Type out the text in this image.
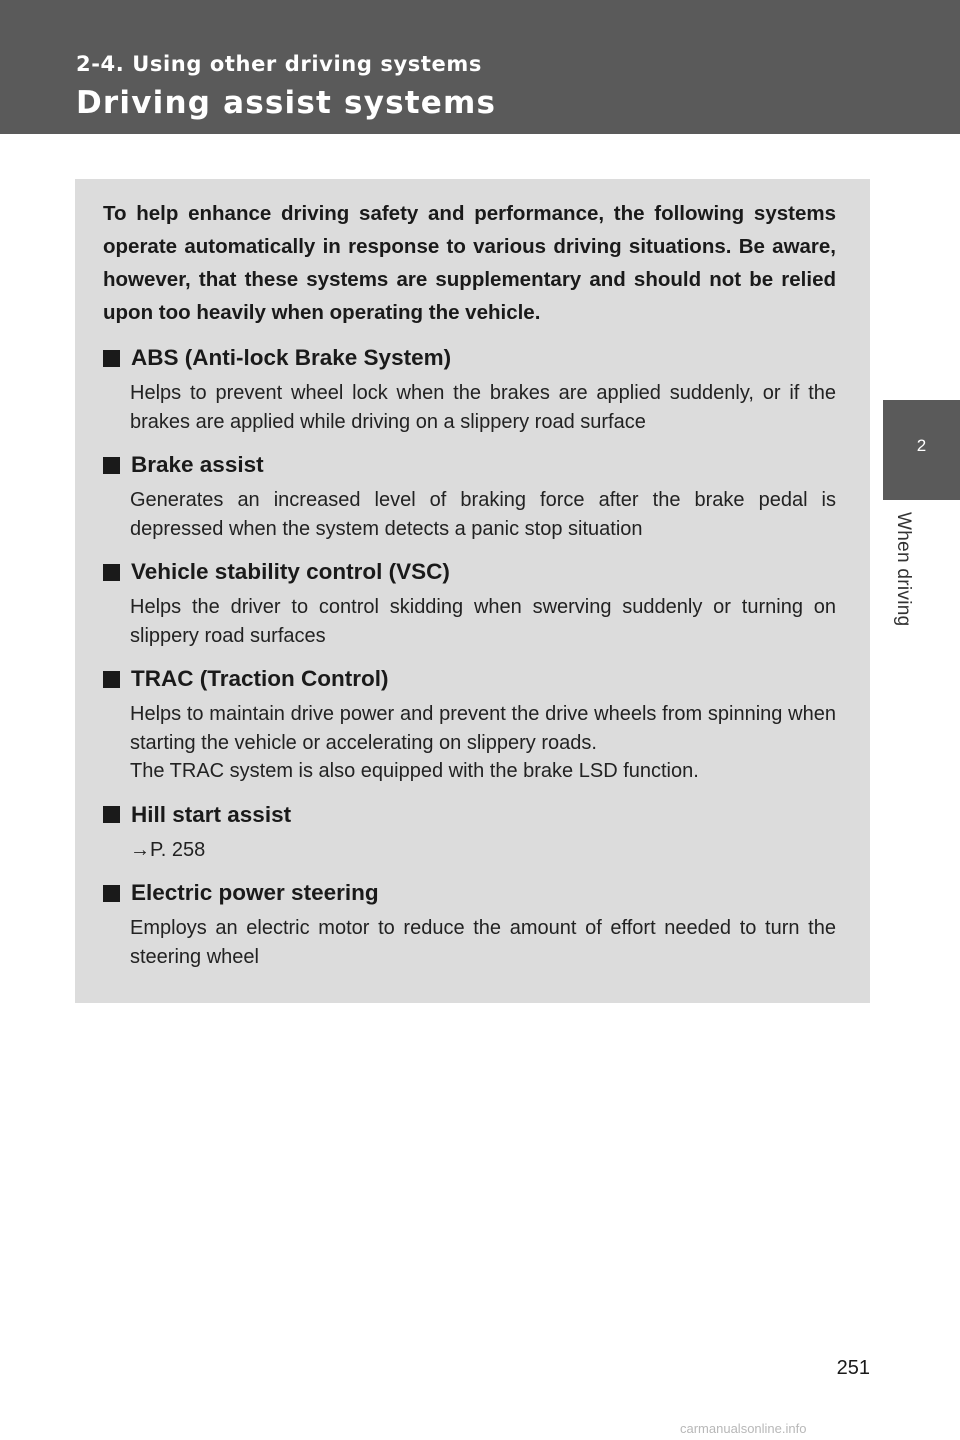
2-4. Using other driving systems
Driving assist systems
2
When driving
To help enhance driving safety and performance, the following systems operate automatically in response to various driving situations. Be aware, however, that these systems are supplementary and should not be relied upon too heavily when operating the vehicle.
ABS (Anti-lock Brake System)

Helps to prevent wheel lock when the brakes are applied suddenly, or if the brakes are applied while driving on a slippery road surface

Brake assist

Generates an increased level of braking force after the brake pedal is depressed when the system detects a panic stop situation

Vehicle stability control (VSC)

Helps the driver to control skidding when swerving suddenly or turning on slippery road surfaces

TRAC (Traction Control)

Helps to maintain drive power and prevent the drive wheels from spinning when starting the vehicle or accelerating on slippery roads.

The TRAC system is also equipped with the brake LSD function.

Hill start assist

→P. 258

Electric power steering

Employs an electric motor to reduce the amount of effort needed to turn the steering wheel

251
carmanualsonline.info
